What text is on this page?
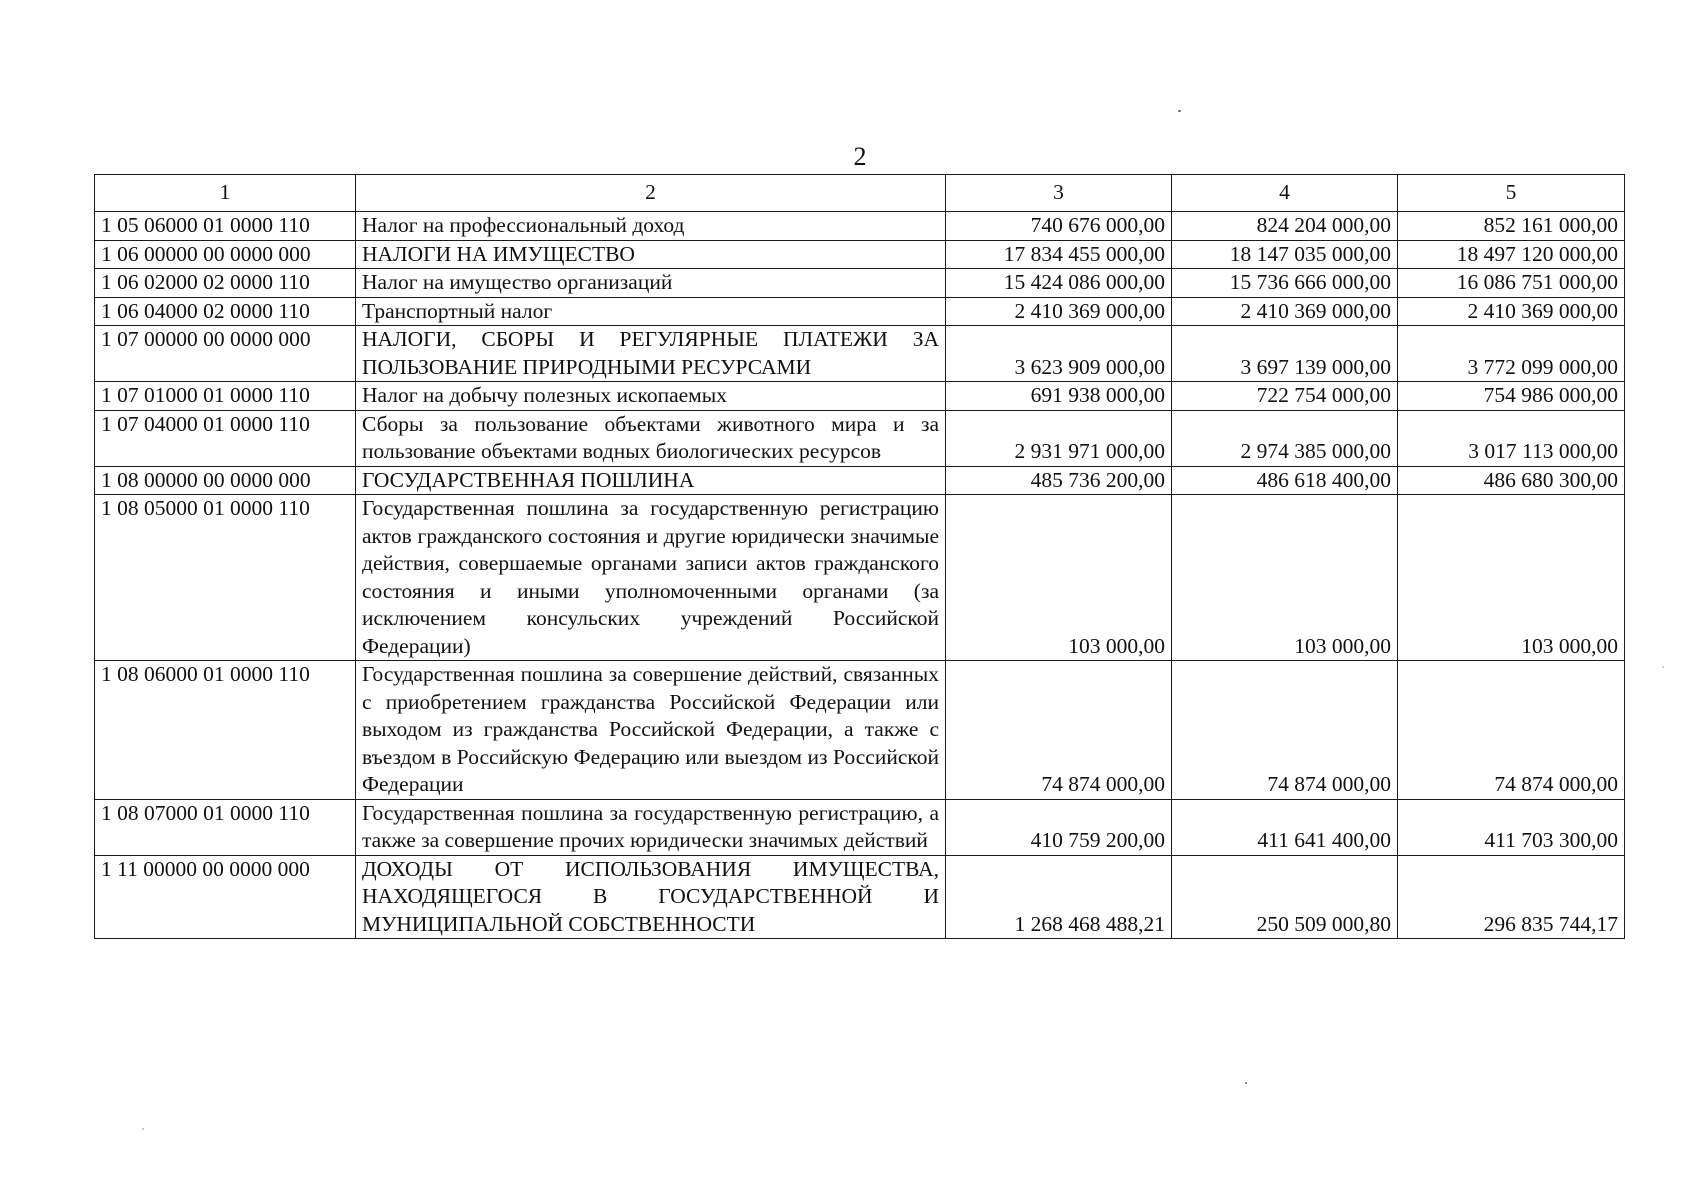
2
1	2	3	4	5
1 05 06000 01 0000 110	Налог на профессиональный доход	740 676 000,00	824 204 000,00	852 161 000,00
1 06 00000 00 0000 000	НАЛОГИ НА ИМУЩЕСТВО	17 834 455 000,00	18 147 035 000,00	18 497 120 000,00
1 06 02000 02 0000 110	Налог на имущество организаций	15 424 086 000,00	15 736 666 000,00	16 086 751 000,00
1 06 04000 02 0000 110	Транспортный налог	2 410 369 000,00	2 410 369 000,00	2 410 369 000,00
1 07 00000 00 0000 000	НАЛОГИ, СБОРЫ И РЕГУЛЯРНЫЕ ПЛАТЕЖИ ЗА ПОЛЬЗОВАНИЕ ПРИРОДНЫМИ РЕСУРСАМИ	3 623 909 000,00	3 697 139 000,00	3 772 099 000,00
1 07 01000 01 0000 110	Налог на добычу полезных ископаемых	691 938 000,00	722 754 000,00	754 986 000,00
1 07 04000 01 0000 110	Сборы за пользование объектами животного мира и за пользование объектами водных биологических ресурсов	2 931 971 000,00	2 974 385 000,00	3 017 113 000,00
1 08 00000 00 0000 000	ГОСУДАРСТВЕННАЯ ПОШЛИНА	485 736 200,00	486 618 400,00	486 680 300,00
1 08 05000 01 0000 110	Государственная пошлина за государственную регистрацию актов гражданского состояния и другие юридически значимые действия, совершаемые органами записи актов гражданского состояния и иными уполномоченными органами (за исключением консульских учреждений Российской Федерации)	103 000,00	103 000,00	103 000,00
1 08 06000 01 0000 110	Государственная пошлина за совершение действий, связанных с приобретением гражданства Российской Федерации или выходом из гражданства Российской Федерации, а также с въездом в Российскую Федерацию или выездом из Российской Федерации	74 874 000,00	74 874 000,00	74 874 000,00
1 08 07000 01 0000 110	Государственная пошлина за государственную регистрацию, а также за совершение прочих юридически значимых действий	410 759 200,00	411 641 400,00	411 703 300,00
1 11 00000 00 0000 000	ДОХОДЫ ОТ ИСПОЛЬЗОВАНИЯ ИМУЩЕСТВА, НАХОДЯЩЕГОСЯ В ГОСУДАРСТВЕННОЙ И МУНИЦИПАЛЬНОЙ СОБСТВЕННОСТИ	1 268 468 488,21	250 509 000,80	296 835 744,17
